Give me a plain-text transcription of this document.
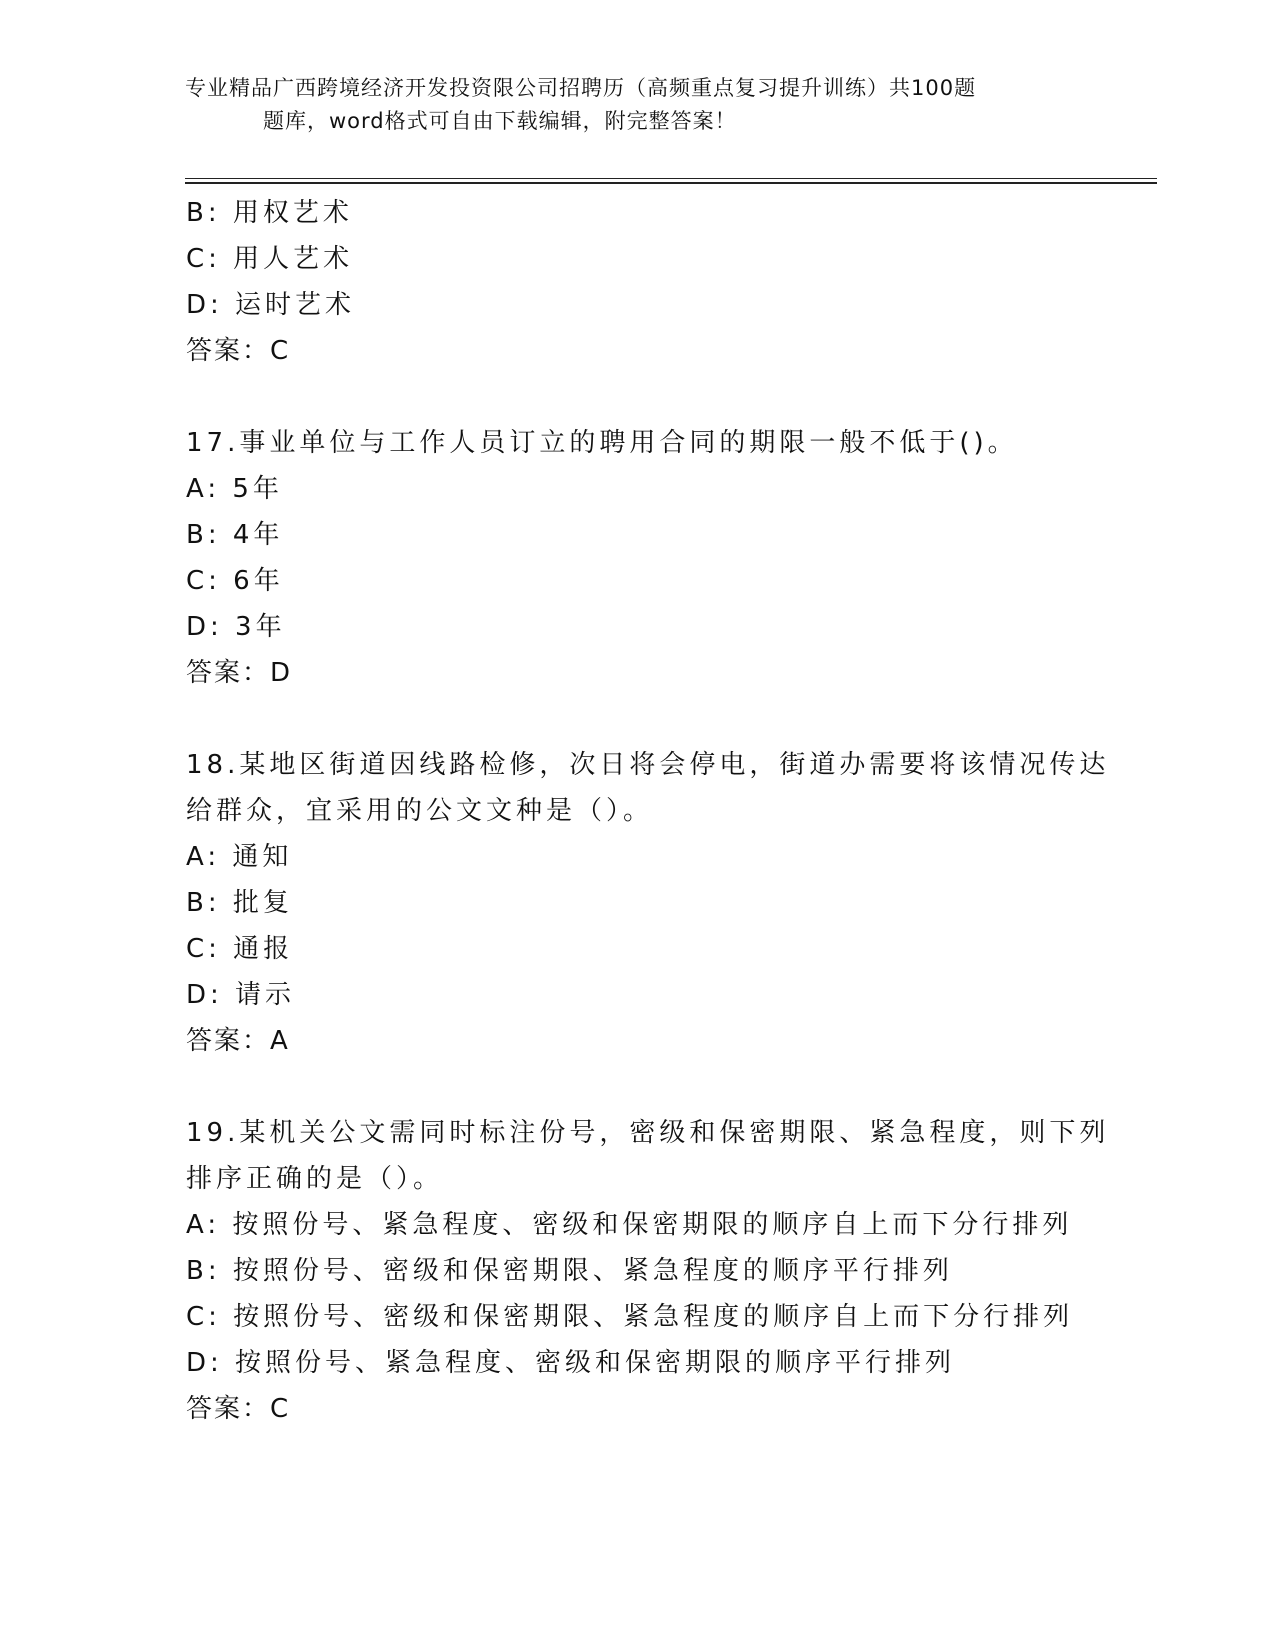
专业精品广西跨境经济开发投资限公司招聘历（高频重点复习提升训练）共100题
题库，word格式可自由下载编辑，附完整答案！
B: 用权艺术
C: 用人艺术
D: 运时艺术
答案：C
17.事业单位与工作人员订立的聘用合同的期限一般不低于()。
A: 5年
B: 4年
C: 6年
D: 3年
答案：D
18.某地区街道因线路检修，次日将会停电，街道办需要将该情况传达
给群众，宜采用的公文文种是（）。
A: 通知
B: 批复
C: 通报
D: 请示
答案：A
19.某机关公文需同时标注份号，密级和保密期限、紧急程度，则下列
排序正确的是（）。
A: 按照份号、紧急程度、密级和保密期限的顺序自上而下分行排列
B: 按照份号、密级和保密期限、紧急程度的顺序平行排列
C: 按照份号、密级和保密期限、紧急程度的顺序自上而下分行排列
D: 按照份号、紧急程度、密级和保密期限的顺序平行排列
答案：C
